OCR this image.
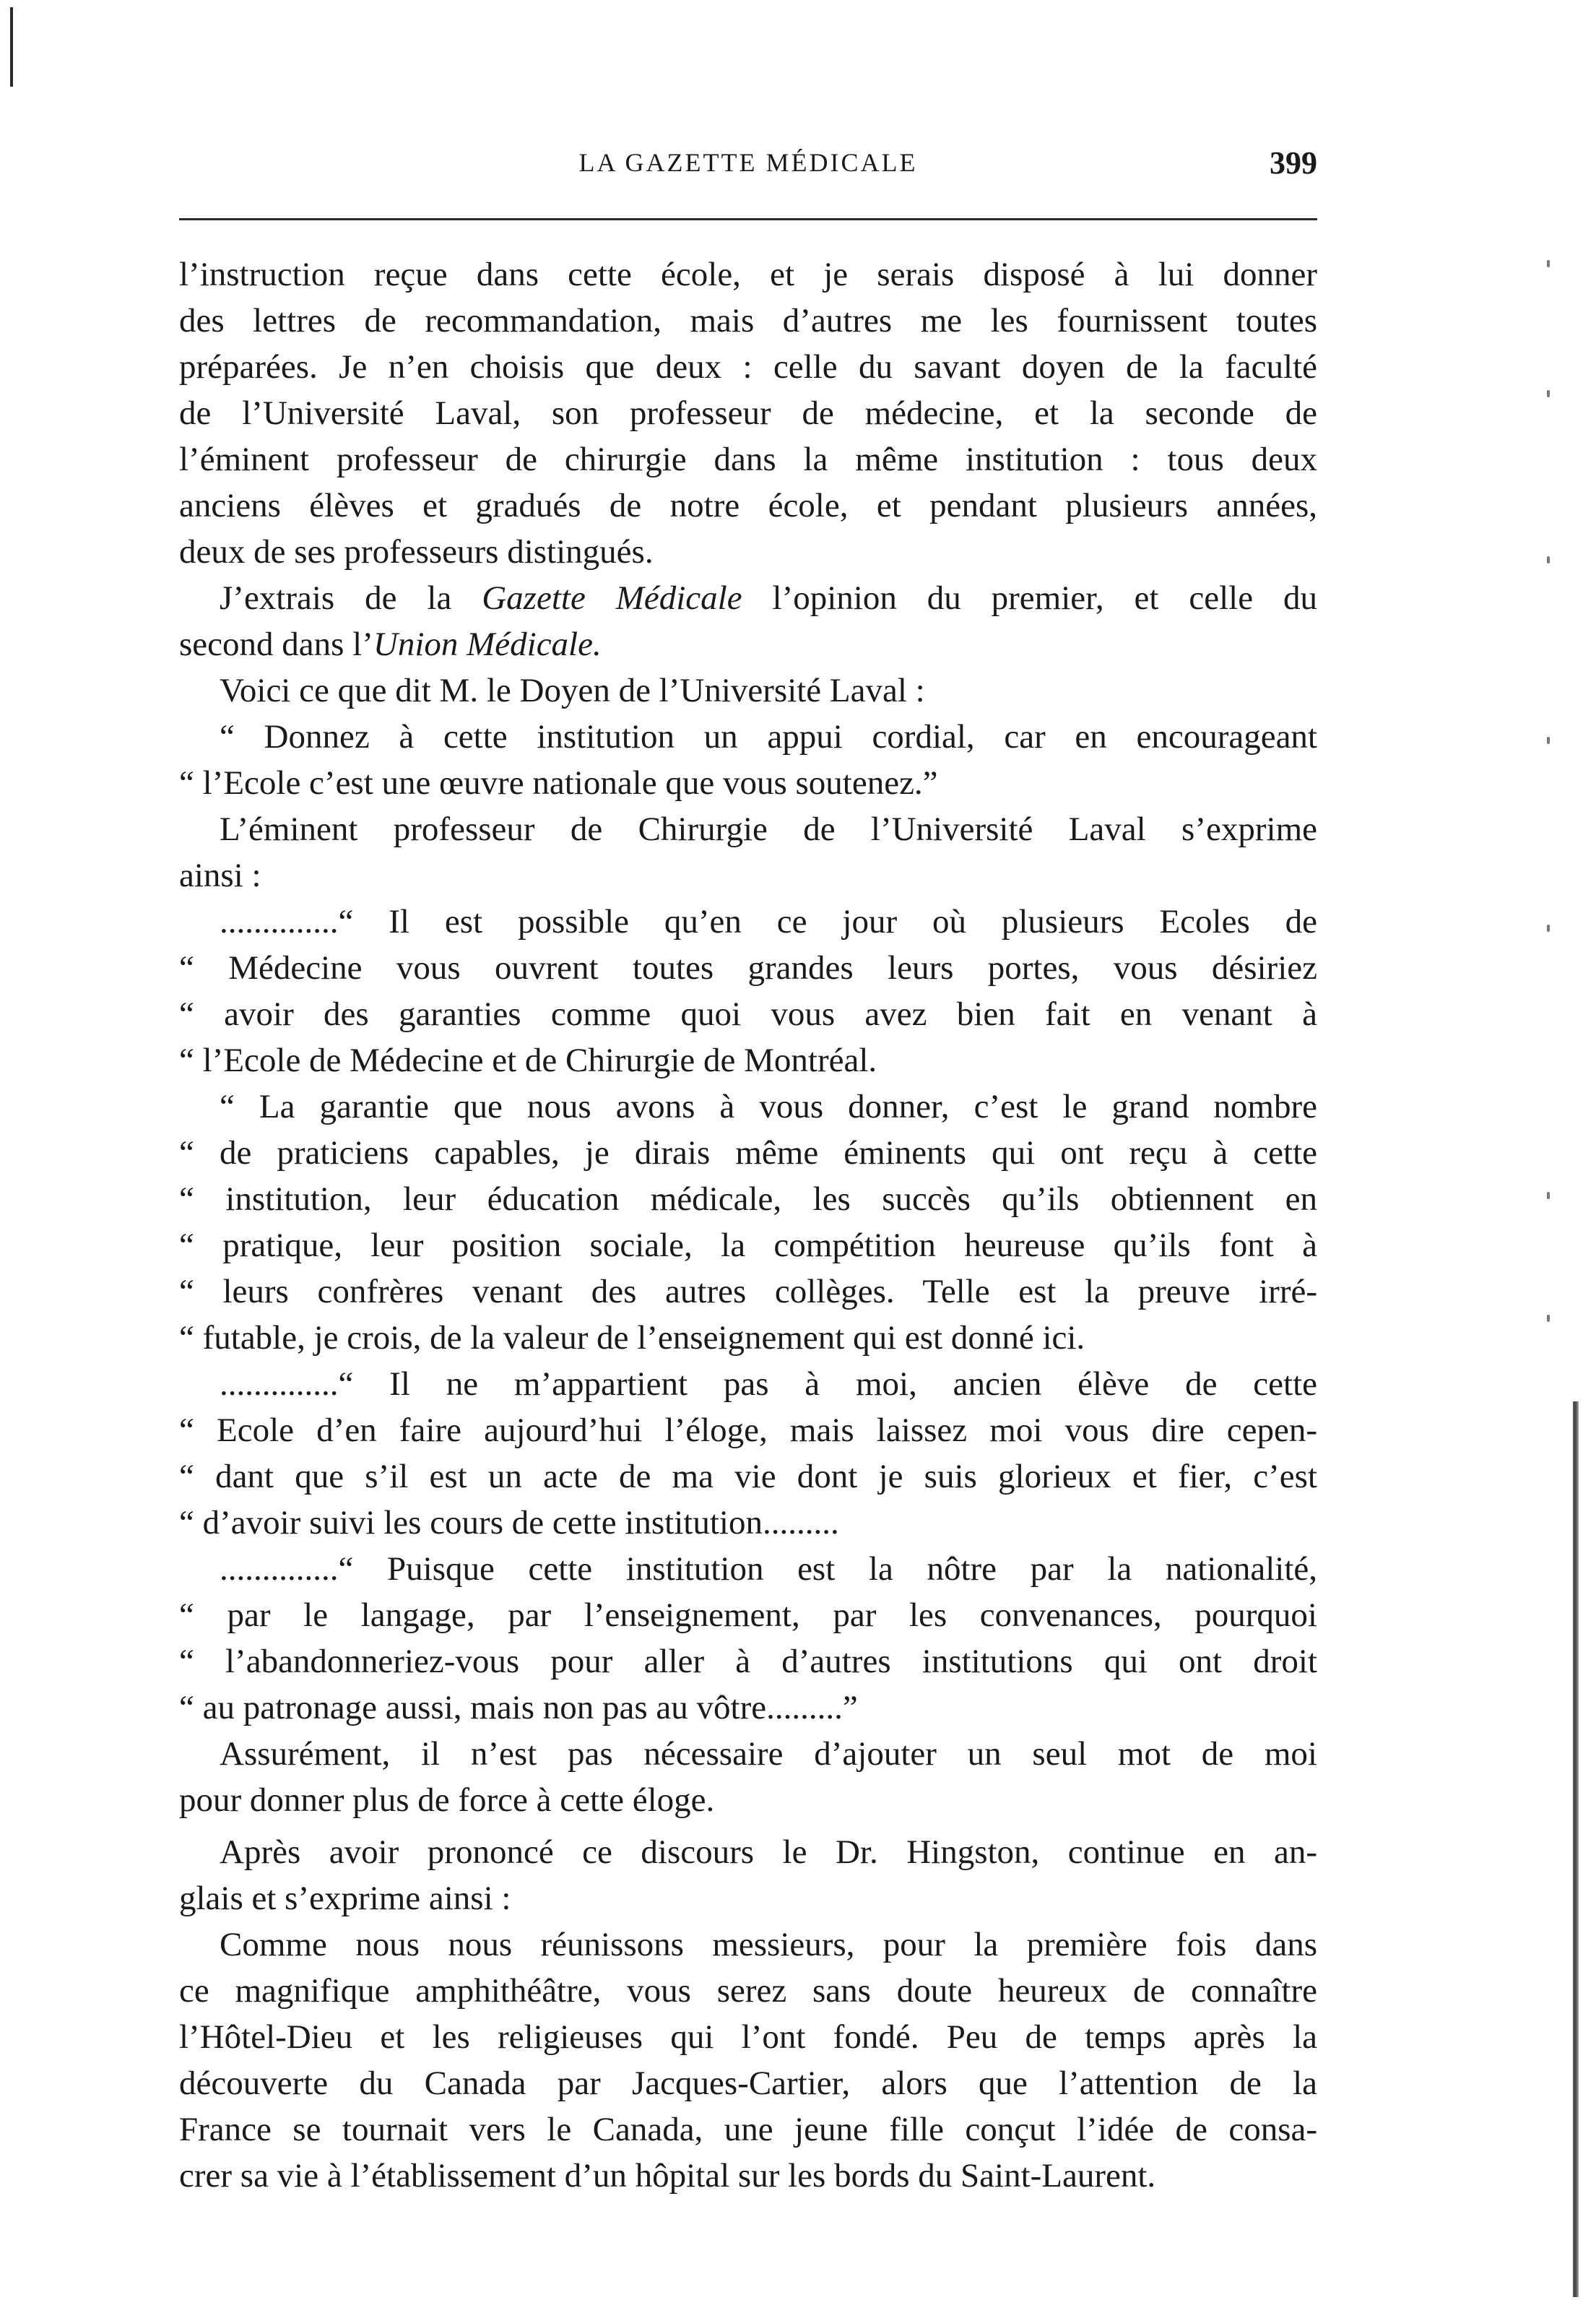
LA GAZETTE MÉDICALE	399
l’instruction reçue dans cette école, et je serais disposé à lui donner
des lettres de recommandation, mais d’autres me les fournissent toutes
préparées. Je n’en choisis que deux : celle du savant doyen de la faculté
de l’Université Laval, son professeur de médecine, et la seconde de
l’éminent professeur de chirurgie dans la même institution : tous deux
anciens élèves et gradués de notre école, et pendant plusieurs années,
deux de ses professeurs distingués.
J’extrais de la Gazette Médicale l’opinion du premier, et celle du
second dans l’Union Médicale.
Voici ce que dit M. le Doyen de l’Université Laval :
“ Donnez à cette institution un appui cordial, car en encourageant
“ l’Ecole c’est une œuvre nationale que vous soutenez.”
L’éminent professeur de Chirurgie de l’Université Laval s’exprime
ainsi :
..............“ Il est possible qu’en ce jour où plusieurs Ecoles de
“ Médecine vous ouvrent toutes grandes leurs portes, vous désiriez
“ avoir des garanties comme quoi vous avez bien fait en venant à
“ l’Ecole de Médecine et de Chirurgie de Montréal.
“ La garantie que nous avons à vous donner, c’est le grand nombre
“ de praticiens capables, je dirais même éminents qui ont reçu à cette
“ institution, leur éducation médicale, les succès qu’ils obtiennent en
“ pratique, leur position sociale, la compétition heureuse qu’ils font à
“ leurs confrères venant des autres collèges. Telle est la preuve irré-
“ futable, je crois, de la valeur de l’enseignement qui est donné ici.
..............“ Il ne m’appartient pas à moi, ancien élève de cette
“ Ecole d’en faire aujourd’hui l’éloge, mais laissez moi vous dire cepen-
“ dant que s’il est un acte de ma vie dont je suis glorieux et fier, c’est
“ d’avoir suivi les cours de cette institution.........
..............“ Puisque cette institution est la nôtre par la nationalité,
“ par le langage, par l’enseignement, par les convenances, pourquoi
“ l’abandonneriez-vous pour aller à d’autres institutions qui ont droit
“ au patronage aussi, mais non pas au vôtre.........”
Assurément, il n’est pas nécessaire d’ajouter un seul mot de moi
pour donner plus de force à cette éloge.
Après avoir prononcé ce discours le Dr. Hingston, continue en an-
glais et s’exprime ainsi :
Comme nous nous réunissons messieurs, pour la première fois dans
ce magnifique amphithéâtre, vous serez sans doute heureux de connaître
l’Hôtel-Dieu et les religieuses qui l’ont fondé. Peu de temps après la
découverte du Canada par Jacques-Cartier, alors que l’attention de la
France se tournait vers le Canada, une jeune fille conçut l’idée de consa-
crer sa vie à l’établissement d’un hôpital sur les bords du Saint-Laurent.
